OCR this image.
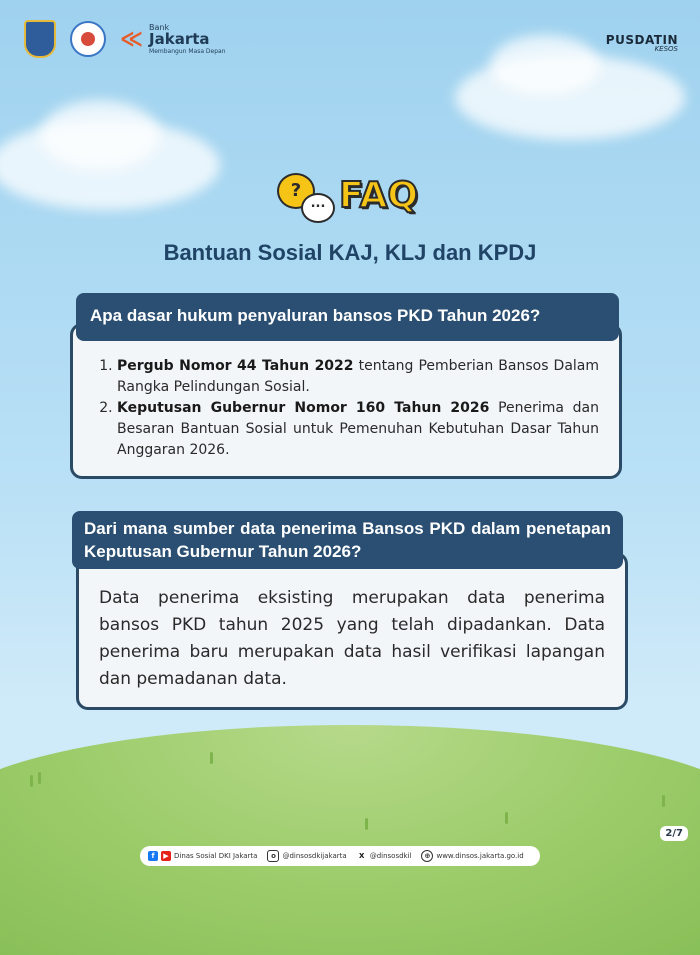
≪ Bank
Jakarta
Membangun Masa Depan
PUSDATIN
KESOS
?
... FAQ
Bantuan Sosial KAJ, KLJ dan KPDJ
Apa dasar hukum penyaluran bansos PKD Tahun 2026?
1. Pergub Nomor 44 Tahun 2022 tentang Pemberian Bansos Dalam Rangka Pelindungan Sosial.
2. Keputusan Gubernur Nomor 160 Tahun 2026 Penerima dan Besaran Bantuan Sosial untuk Pemenuhan Kebutuhan Dasar Tahun Anggaran 2026.
Dari mana sumber data penerima Bansos PKD dalam penetapan Keputusan Gubernur Tahun 2026?
Data penerima eksisting merupakan data penerima bansos PKD tahun 2025 yang telah dipadankan. Data penerima baru merupakan data hasil verifikasi lapangan dan pemadanan data.
2/7
f ▶ Dinas Sosial DKI Jakarta	o @dinsosdkijakarta	X @dinsosdkil	⊕ www.dinsos.jakarta.go.id
